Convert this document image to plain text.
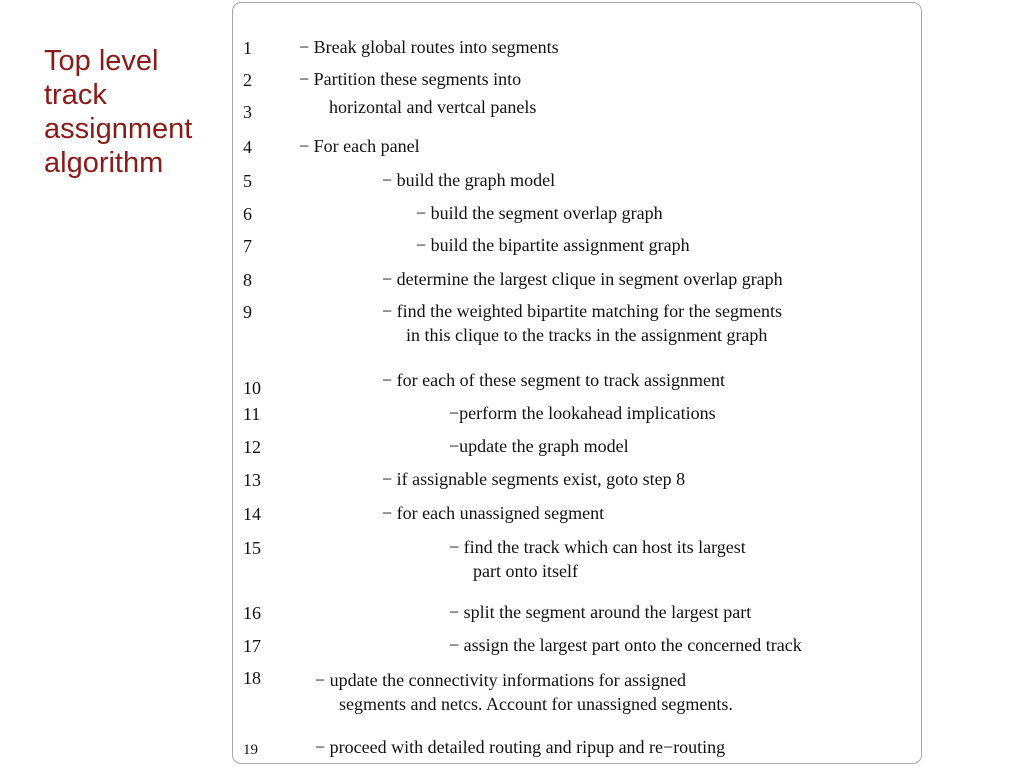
Top level
track
assignment
algorithm
1	− Break global routes into segments
2	− Partition these segments into
3	horizontal and vertcal panels
4	− For each panel
5	− build the graph model
6	− build the segment overlap graph
7	− build the bipartite assignment graph
8	− determine the largest clique in segment overlap graph
9	− find the weighted bipartite matching for the segments
in this clique to the tracks in the assignment graph
10	− for each of these segment to track assignment
11	−perform the lookahead implications
12	−update the graph model
13	− if assignable segments exist, goto step 8
14	− for each unassigned segment
15	− find the track which can host its largest
part onto itself
16	− split the segment around the largest part
17	− assign the largest part onto the concerned track
18	− update the connectivity informations for assigned
segments and netcs. Account for unassigned segments.
19	− proceed with detailed routing and ripup and re−routing
